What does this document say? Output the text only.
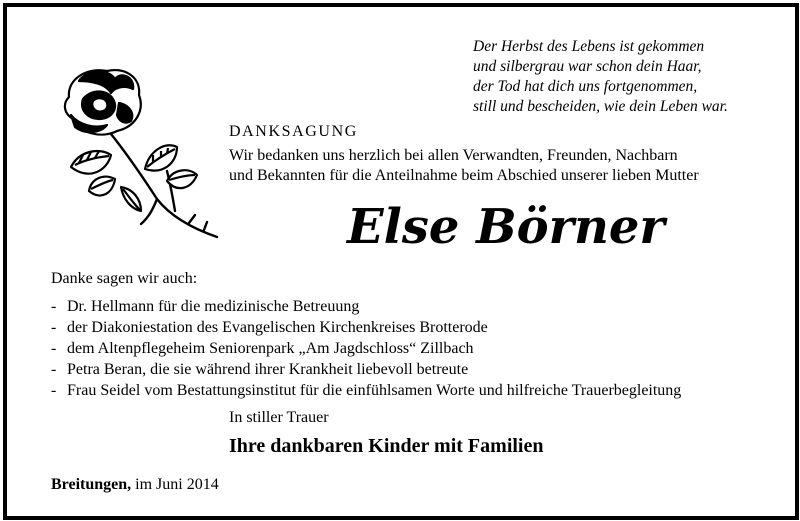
Der Herbst des Lebens ist gekommen
und silbergrau war schon dein Haar,
der Tod hat dich uns fortgenommen,
still und bescheiden, wie dein Leben war.
DANKSAGUNG
Wir bedanken uns herzlich bei allen Verwandten, Freunden, Nachbarn
und Bekannten für die Anteilnahme beim Abschied unserer lieben Mutter
Else Börner
Danke sagen wir auch:
- Dr. Hellmann für die medizinische Betreuung
- der Diakoniestation des Evangelischen Kirchenkreises Brotterode
- dem Altenpflegeheim Seniorenpark „Am Jagdschloss“ Zillbach
- Petra Beran, die sie während ihrer Krankheit liebevoll betreute
- Frau Seidel vom Bestattungsinstitut für die einfühlsamen Worte und hilfreiche Trauerbegleitung
In stiller Trauer
Ihre dankbaren Kinder mit Familien
Breitungen, im Juni 2014
